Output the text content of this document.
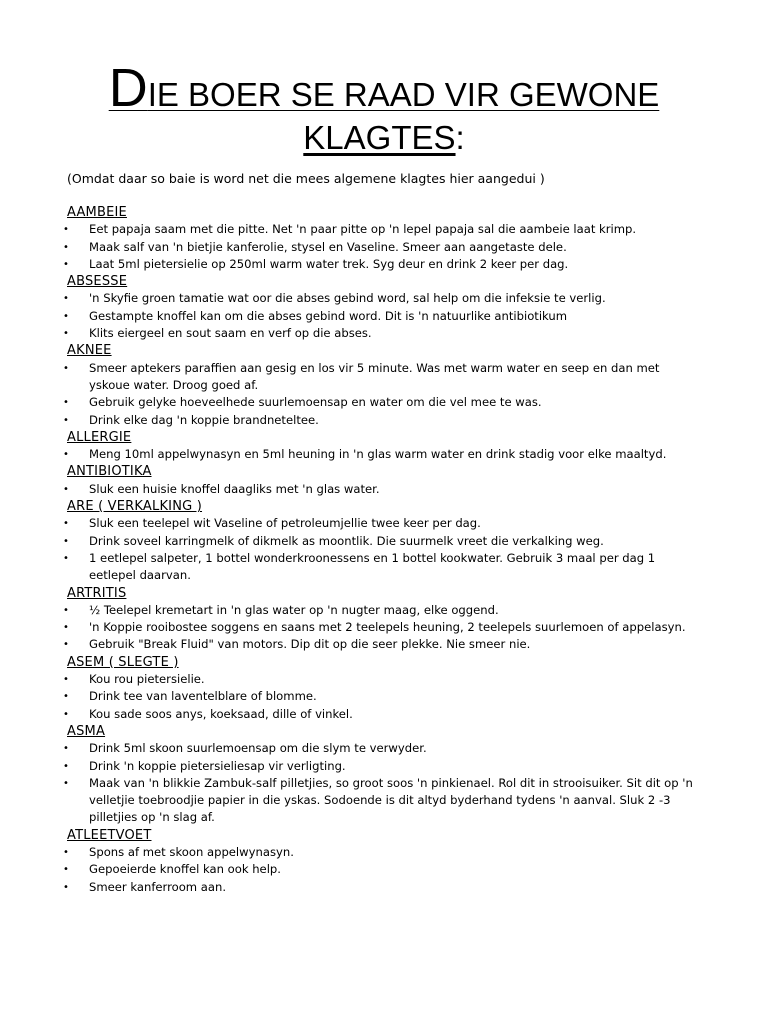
DIE BOER SE RAAD VIR GEWONE
KLAGTES:
(Omdat daar so baie is word net die mees algemene klagtes hier aangedui )
AAMBEIE
• Eet papaja saam met die pitte. Net 'n paar pitte op 'n lepel papaja sal die aambeie laat krimp.
• Maak salf van 'n bietjie kanferolie, stysel en Vaseline. Smeer aan aangetaste dele.
• Laat 5ml pietersielie op 250ml warm water trek. Syg deur en drink 2 keer per dag.
ABSESSE
• 'n Skyfie groen tamatie wat oor die abses gebind word, sal help om die infeksie te verlig.
• Gestampte knoffel kan om die abses gebind word. Dit is 'n natuurlike antibiotikum
• Klits eiergeel en sout saam en verf op die abses.
AKNEE
• Smeer aptekers paraffien aan gesig en los vir 5 minute. Was met warm water en seep en dan met yskoue water. Droog goed af.
• Gebruik gelyke hoeveelhede suurlemoensap en water om die vel mee te was.
• Drink elke dag 'n koppie brandneteltee.
ALLERGIE
• Meng 10ml appelwynasyn en 5ml heuning in 'n glas warm water en drink stadig voor elke maaltyd.
ANTIBIOTIKA
• Sluk een huisie knoffel daagliks met 'n glas water.
ARE ( VERKALKING )
• Sluk een teelepel wit Vaseline of petroleumjellie twee keer per dag.
• Drink soveel karringmelk of dikmelk as moontlik. Die suurmelk vreet die verkalking weg.
• 1 eetlepel salpeter, 1 bottel wonderkroonessens en 1 bottel kookwater. Gebruik 3 maal per dag 1 eetlepel daarvan.
ARTRITIS
• ½ Teelepel kremetart in 'n glas water op 'n nugter maag, elke oggend.
• 'n Koppie rooibostee soggens en saans met 2 teelepels heuning, 2 teelepels suurlemoen of appelasyn.
• Gebruik "Break Fluid" van motors. Dip dit op die seer plekke. Nie smeer nie.
ASEM ( SLEGTE )
• Kou rou pietersielie.
• Drink tee van laventelblare of blomme.
• Kou sade soos anys, koeksaad, dille of vinkel.
ASMA
• Drink 5ml skoon suurlemoensap om die slym te verwyder.
• Drink 'n koppie pietersieliesap vir verligting.
• Maak van 'n blikkie Zambuk-salf pilletjies, so groot soos 'n pinkienael. Rol dit in strooisuiker. Sit dit op 'n velletjie toebroodjie papier in die yskas. Sodoende is dit altyd byderhand tydens 'n aanval. Sluk 2 -3 pilletjies op 'n slag af.
ATLEETVOET
• Spons af met skoon appelwynasyn.
• Gepoeierde knoffel kan ook help.
• Smeer kanferroom aan.
